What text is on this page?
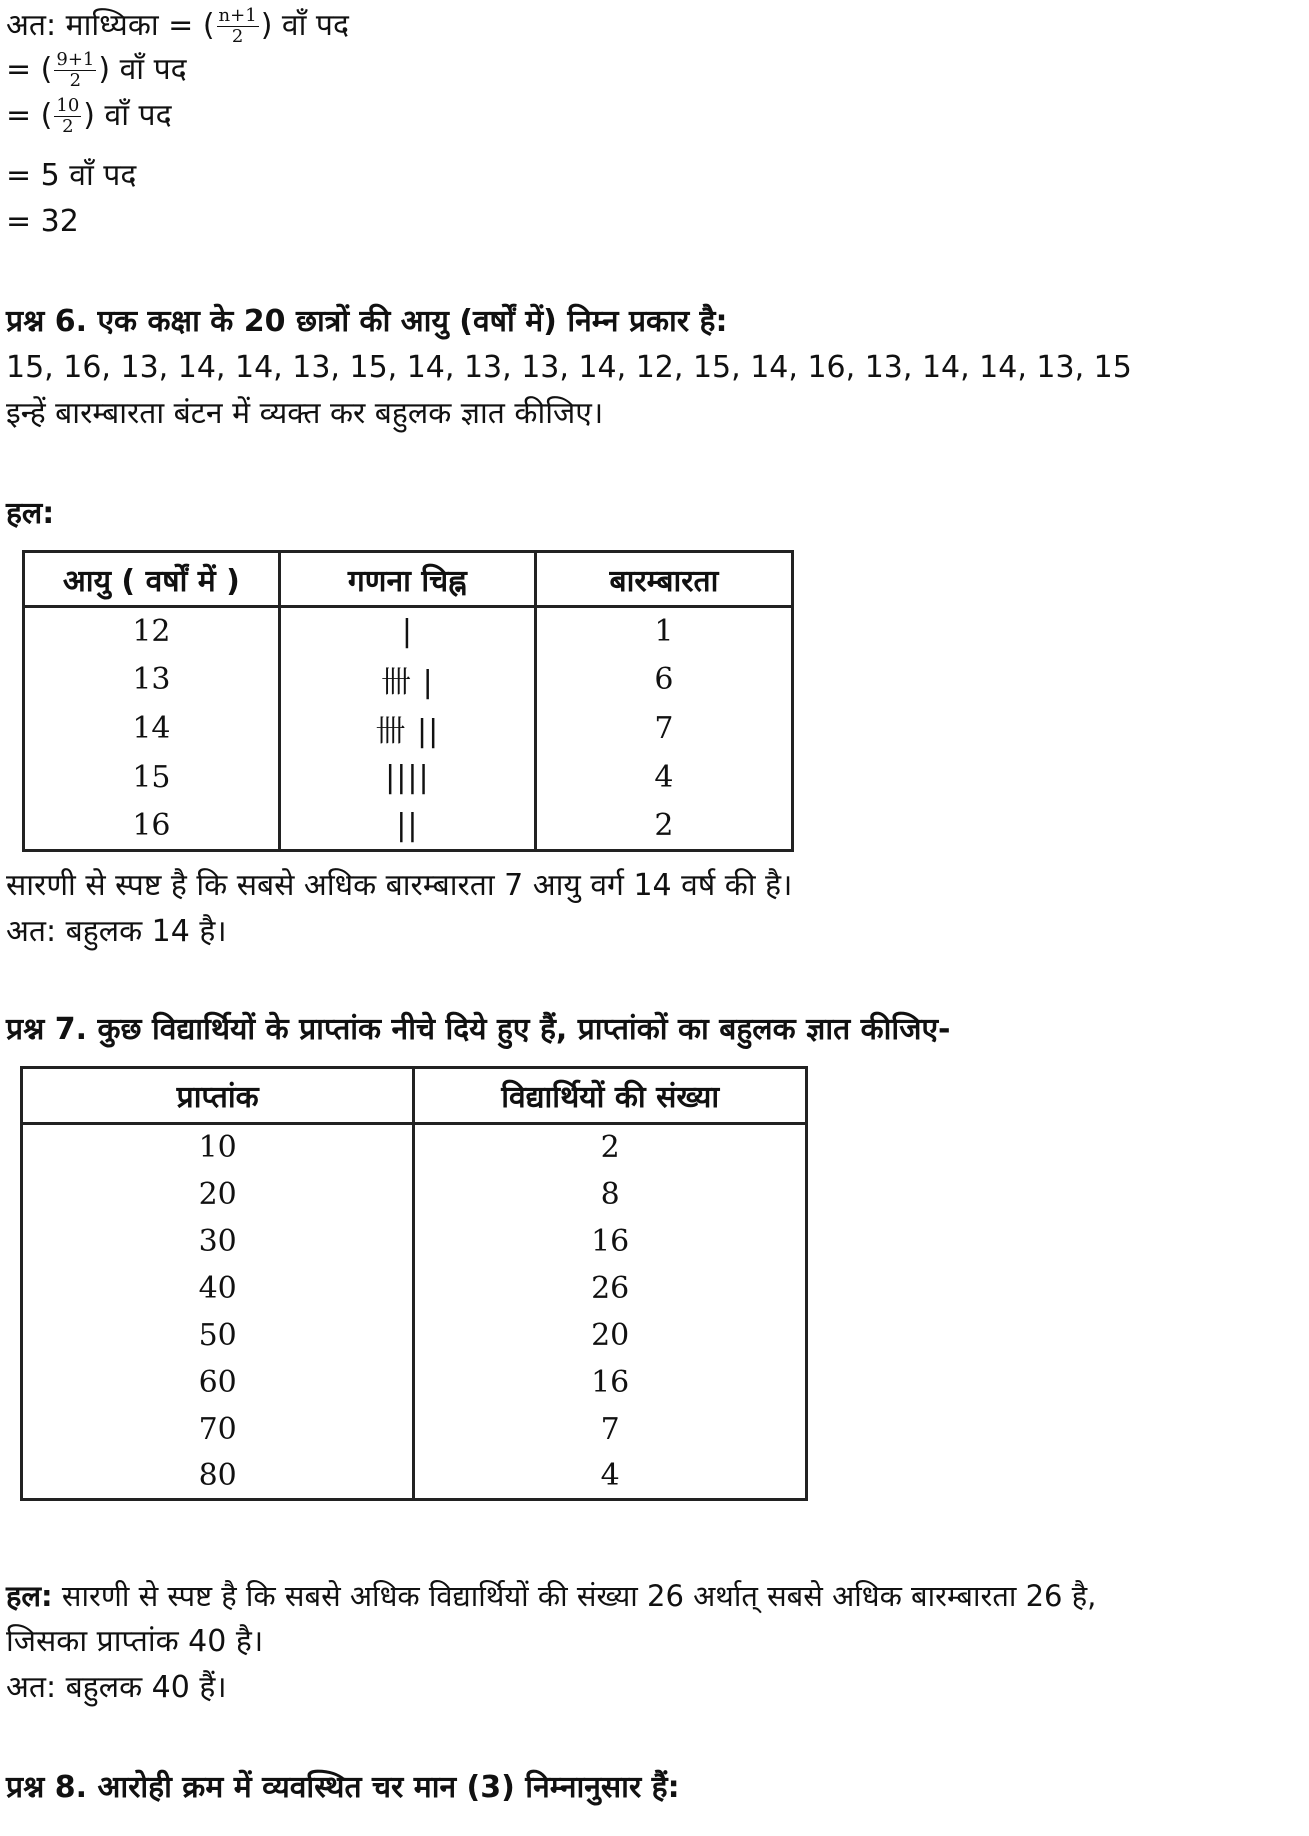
अत: माध्यिका = ( $\frac{n+1}{2}$ ) वाँ पद
= ( $\frac{9+1}{2}$ ) वाँ पद
= ( $\frac{10}{2}$ ) वाँ पद
= 5 वाँ पद
= 32
प्रश्न 6. एक कक्षा के 20 छात्रों की आयु (वर्षों में) निम्न प्रकार है:
15, 16, 13, 14, 14, 13, 15, 14, 13, 13, 14, 12, 15, 14, 16, 13, 14, 14, 13, 15
इन्हें बारम्बारता बंटन में व्यक्त कर बहुलक ज्ञात कीजिए।
हल:
आयु ( वर्षों में )	गणना चिह्न	बारम्बारता
12	|	1
13	卌 |	6
14	卌 ||	7
15	||||	4
16	||	2
सारणी से स्पष्ट है कि सबसे अधिक बारम्बारता 7 आयु वर्ग 14 वर्ष की है।
अत: बहुलक 14 है।
प्रश्न 7. कुछ विद्यार्थियों के प्राप्तांक नीचे दिये हुए हैं, प्राप्तांकों का बहुलक ज्ञात कीजिए-
प्राप्तांक	विद्यार्थियों की संख्या
10	2
20	8
30	16
40	26
50	20
60	16
70	7
80	4
हल: सारणी से स्पष्ट है कि सबसे अधिक विद्यार्थियों की संख्या 26 अर्थात् सबसे अधिक बारम्बारता 26 है,
जिसका प्राप्तांक 40 है।
अत: बहुलक 40 हैं।
प्रश्न 8. आरोही क्रम में व्यवस्थित चर मान (3) निम्नानुसार हैं:
